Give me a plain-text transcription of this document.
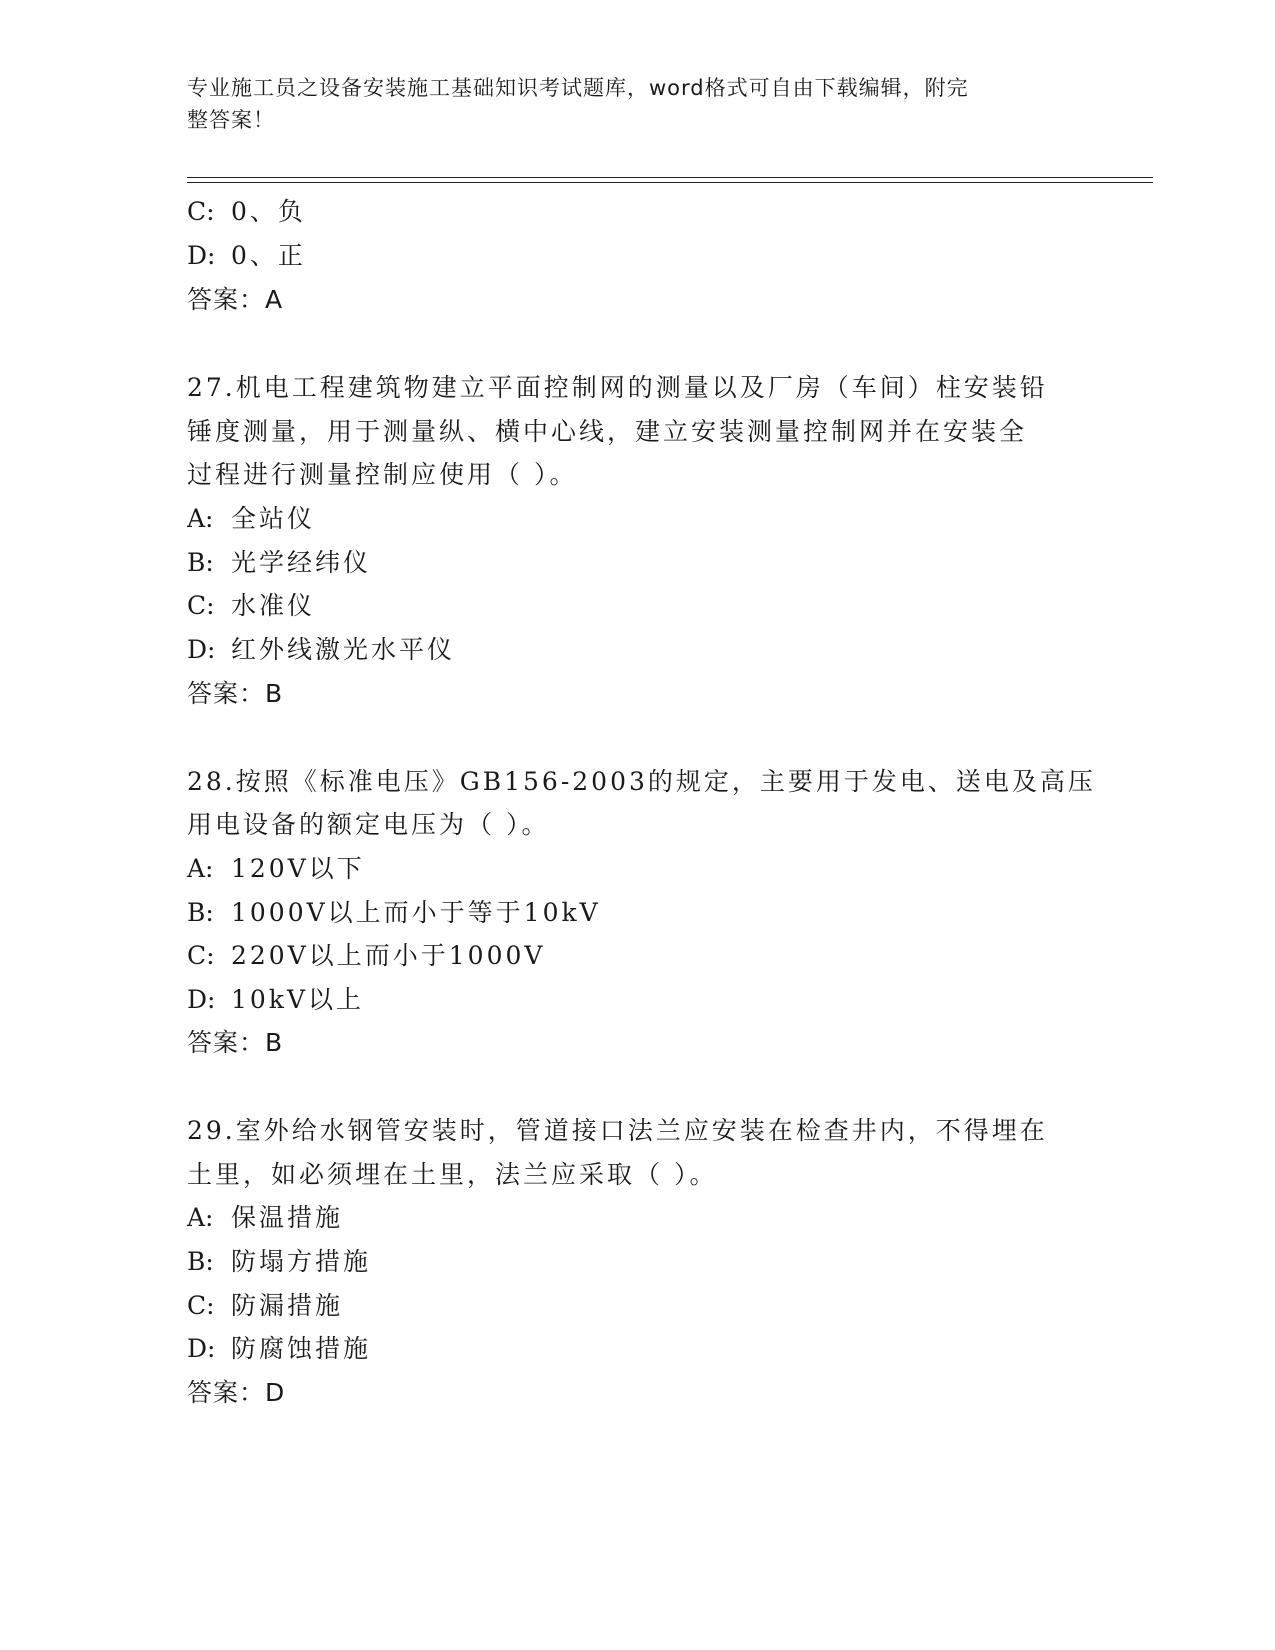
专业施工员之设备安装施工基础知识考试题库，word格式可自由下载编辑，附完
整答案！
C: 0、负
D: 0、正
答案：A
27.机电工程建筑物建立平面控制网的测量以及厂房（车间）柱安装铅
锤度测量，用于测量纵、横中心线，建立安装测量控制网并在安装全
过程进行测量控制应使用（ ）。
A: 全站仪
B: 光学经纬仪
C: 水准仪
D: 红外线激光水平仪
答案：B
28.按照《标准电压》GB156-2003的规定，主要用于发电、送电及高压
用电设备的额定电压为（ ）。
A: 120V以下
B: 1000V以上而小于等于10kV
C: 220V以上而小于1000V
D: 10kV以上
答案：B
29.室外给水钢管安装时，管道接口法兰应安装在检查井内，不得埋在
土里，如必须埋在土里，法兰应采取（ ）。
A: 保温措施
B: 防塌方措施
C: 防漏措施
D: 防腐蚀措施
答案：D
